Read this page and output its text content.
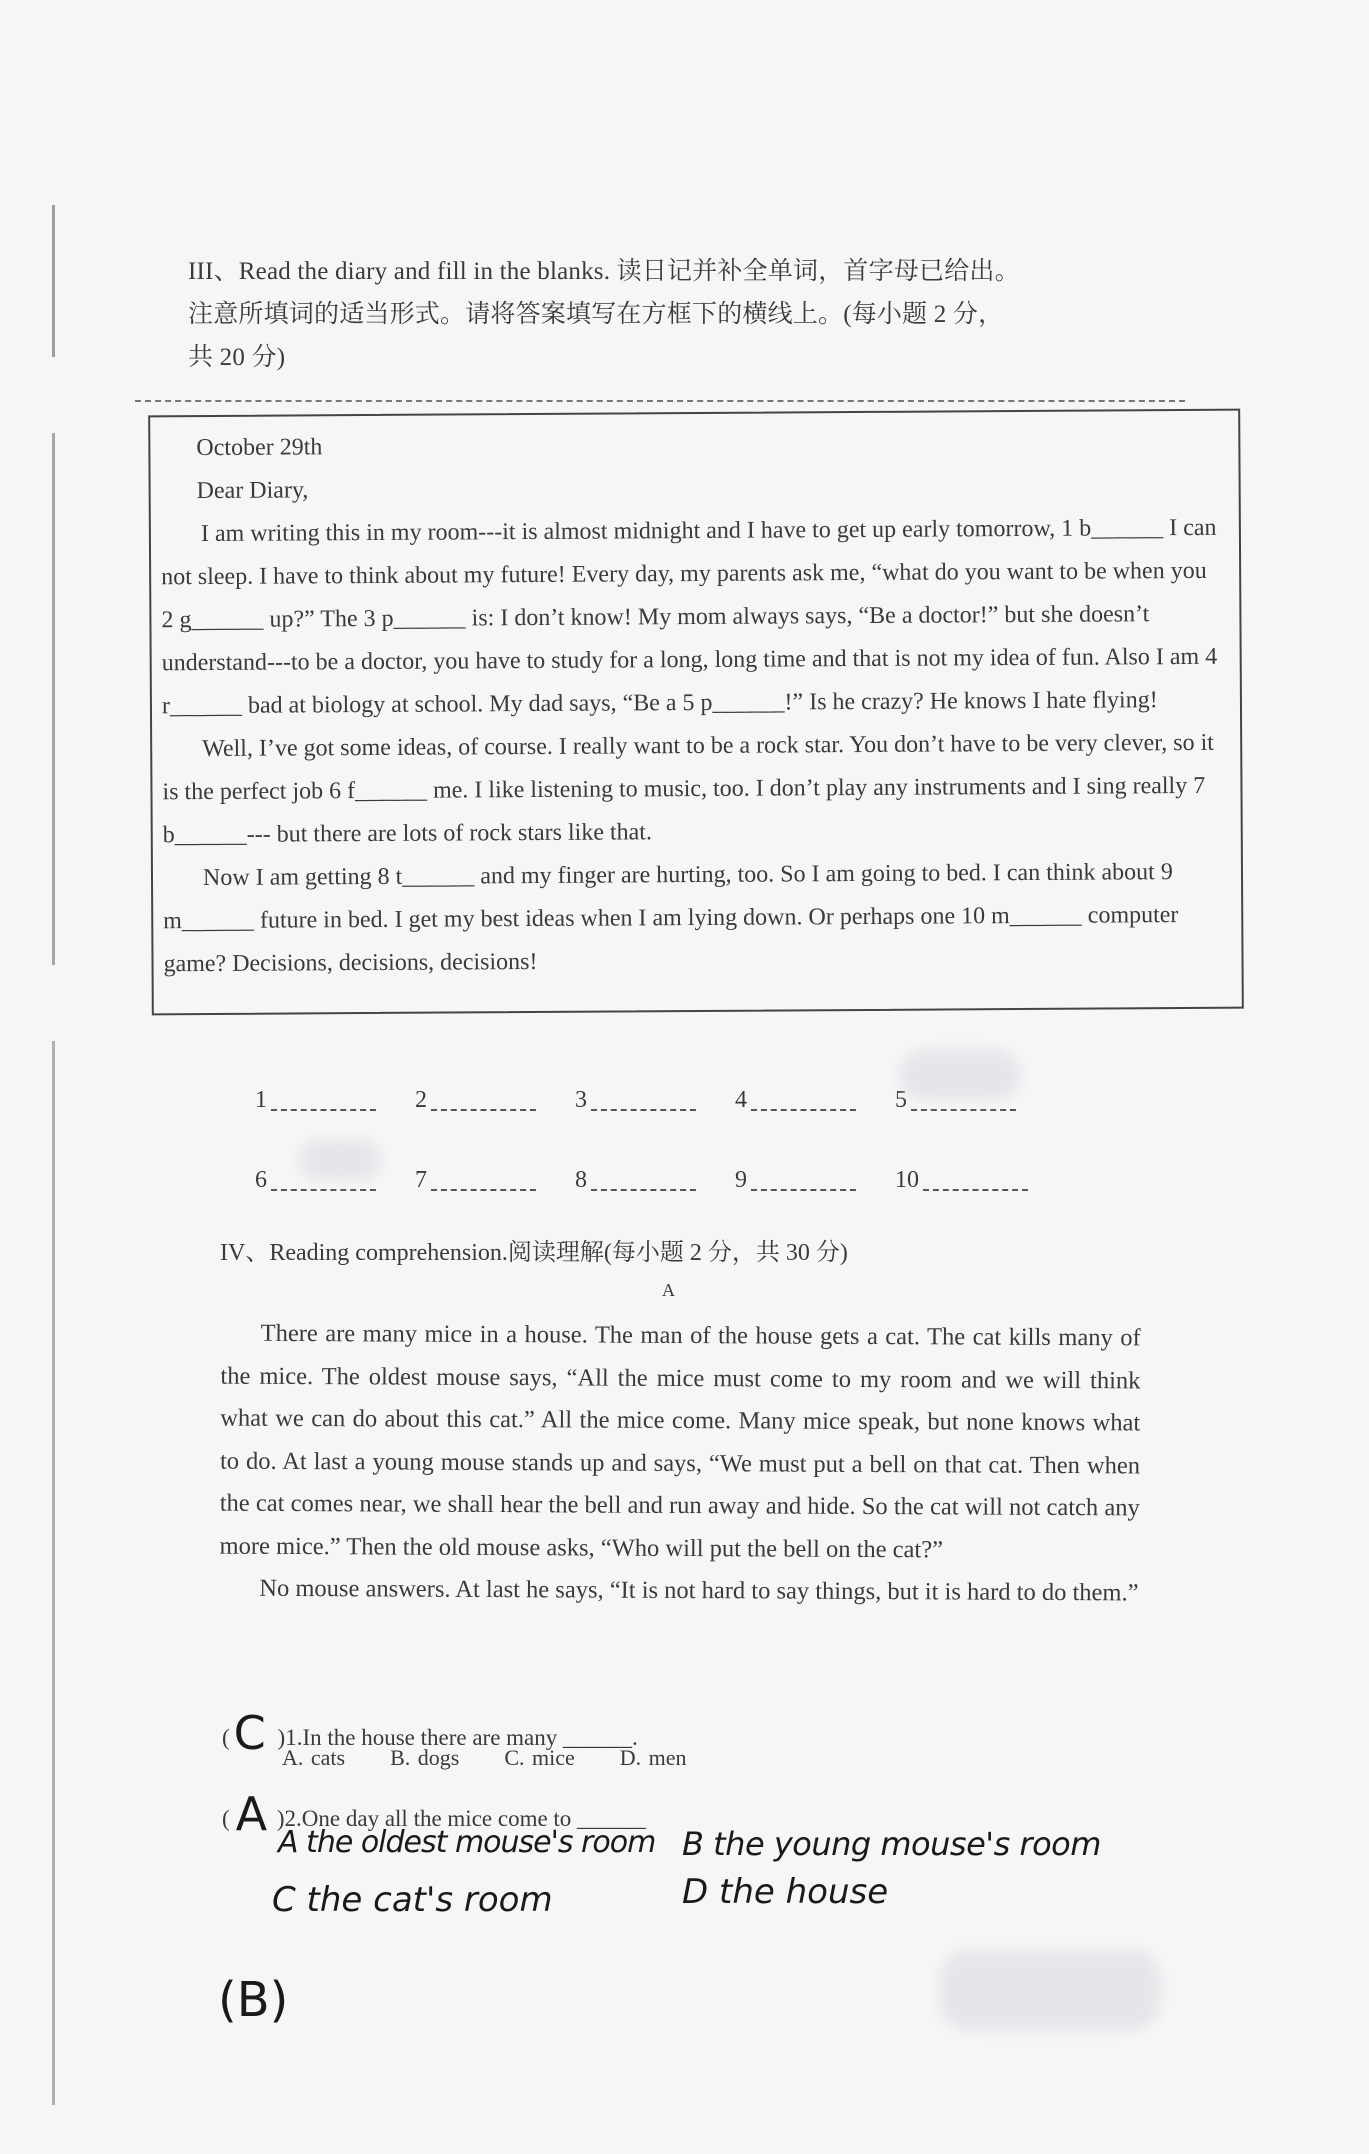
III、Read the diary and fill in the blanks. 读日记并补全单词，首字母已给出。
注意所填词的适当形式。请将答案填写在方框下的横线上。(每小题 2 分，
共 20 分)

October 29th

Dear Diary,

I am writing this in my room---it is almost midnight and I have to get up early tomorrow, 1 b______ I can not sleep. I have to think about my future! Every day, my parents ask me, “what do you want to be when you 2 g______ up?” The 3 p______ is: I don’t know! My mom always says, “Be a doctor!” but she doesn’t understand---to be a doctor, you have to study for a long, long time and that is not my idea of fun. Also I am 4 r______ bad at biology at school. My dad says, “Be a 5 p______!” Is he crazy? He knows I hate flying!

Well, I’ve got some ideas, of course. I really want to be a rock star. You don’t have to be very clever, so it is the perfect job 6 f______ me. I like listening to music, too. I don’t play any instruments and I sing really 7 b______--- but there are lots of rock stars like that.

Now I am getting 8 t______ and my finger are hurting, too. So I am going to bed. I can think about 9 m______ future in bed. I get my best ideas when I am lying down. Or perhaps one 10 m______ computer game? Decisions, decisions, decisions!

1	2	3	4	5
6	7	8	9	10
IV、Reading comprehension.阅读理解(每小题 2 分，共 30 分)
A

There are many mice in a house. The man of the house gets a cat. The cat kills many of the mice. The oldest mouse says, “All the mice must come to my room and we will think what we can do about this cat.” All the mice come. Many mice speak, but none knows what to do. At last a young mouse stands up and says, “We must put a bell on that cat. Then when the cat comes near, we shall hear the bell and run away and hide. So the cat will not catch any more mice.” Then the old mouse asks, “Who will put the bell on the cat?”

No mouse answers. At last he says, “It is not hard to say things, but it is hard to do them.”

(C )1.In the house there are many ______.
A. cats      B. dogs      C. mice      D. men
( A )2.One day all the mice come to ______
A the oldest mouse's room B the young mouse's room
C the cat's room	D the house
(B)
